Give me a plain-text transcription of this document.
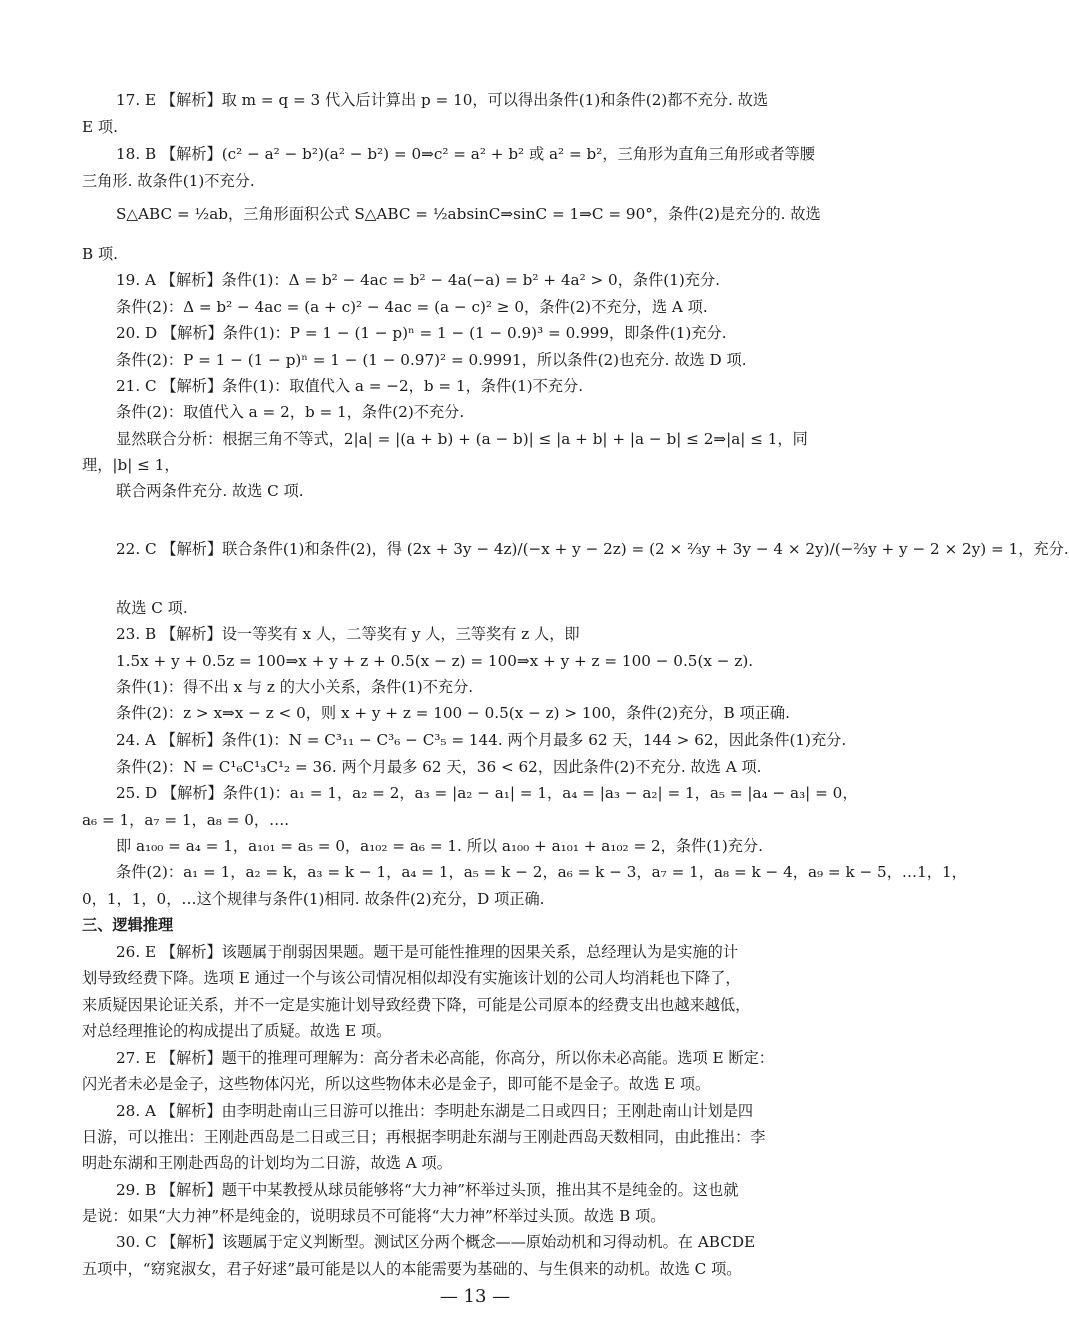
17. E 【解析】取 m = q = 3 代入后计算出 p = 10，可以得出条件(1)和条件(2)都不充分. 故选
E 项.
18. B 【解析】(c² − a² − b²)(a² − b²) = 0⇒c² = a² + b² 或 a² = b²，三角形为直角三角形或者等腰
三角形. 故条件(1)不充分.
S△ABC = ½ab，三角形面积公式 S△ABC = ½absinC⇒sinC = 1⇒C = 90°，条件(2)是充分的. 故选
B 项.
19. A 【解析】条件(1)：Δ = b² − 4ac = b² − 4a(−a) = b² + 4a² > 0，条件(1)充分.
条件(2)：Δ = b² − 4ac = (a + c)² − 4ac = (a − c)² ≥ 0，条件(2)不充分，选 A 项.
20. D 【解析】条件(1)：P = 1 − (1 − p)ⁿ = 1 − (1 − 0.9)³ = 0.999，即条件(1)充分.
条件(2)：P = 1 − (1 − p)ⁿ = 1 − (1 − 0.97)² = 0.9991，所以条件(2)也充分. 故选 D 项.
21. C 【解析】条件(1)：取值代入 a = −2，b = 1，条件(1)不充分.
条件(2)：取值代入 a = 2，b = 1，条件(2)不充分.
显然联合分析：根据三角不等式，2|a| = |(a + b) + (a − b)| ≤ |a + b| + |a − b| ≤ 2⇒|a| ≤ 1，同
理，|b| ≤ 1，
联合两条件充分. 故选 C 项.
22. C 【解析】联合条件(1)和条件(2)，得 (2x + 3y − 4z)/(−x + y − 2z) = (2 × ⅔y + 3y − 4 × 2y)/(−⅔y + y − 2 × 2y) = 1，充分.
故选 C 项.
23. B 【解析】设一等奖有 x 人，二等奖有 y 人，三等奖有 z 人，即
1.5x + y + 0.5z = 100⇒x + y + z + 0.5(x − z) = 100⇒x + y + z = 100 − 0.5(x − z).
条件(1)：得不出 x 与 z 的大小关系，条件(1)不充分.
条件(2)：z > x⇒x − z < 0，则 x + y + z = 100 − 0.5(x − z) > 100，条件(2)充分，B 项正确.
24. A 【解析】条件(1)：N = C³₁₁ − C³₆ − C³₅ = 144. 两个月最多 62 天，144 > 62，因此条件(1)充分.
条件(2)：N = C¹₆C¹₃C¹₂ = 36. 两个月最多 62 天，36 < 62，因此条件(2)不充分. 故选 A 项.
25. D 【解析】条件(1)：a₁ = 1，a₂ = 2，a₃ = |a₂ − a₁| = 1，a₄ = |a₃ − a₂| = 1，a₅ = |a₄ − a₃| = 0，
a₆ = 1，a₇ = 1，a₈ = 0，….
即 a₁₀₀ = a₄ = 1，a₁₀₁ = a₅ = 0，a₁₀₂ = a₆ = 1. 所以 a₁₀₀ + a₁₀₁ + a₁₀₂ = 2，条件(1)充分.
条件(2)：a₁ = 1，a₂ = k，a₃ = k − 1，a₄ = 1，a₅ = k − 2，a₆ = k − 3，a₇ = 1，a₈ = k − 4，a₉ = k − 5，…1，1，
0，1，1，0，…这个规律与条件(1)相同. 故条件(2)充分，D 项正确.
三、逻辑推理
26. E 【解析】该题属于削弱因果题。题干是可能性推理的因果关系，总经理认为是实施的计
划导致经费下降。选项 E 通过一个与该公司情况相似却没有实施该计划的公司人均消耗也下降了，
来质疑因果论证关系，并不一定是实施计划导致经费下降，可能是公司原本的经费支出也越来越低，
对总经理推论的构成提出了质疑。故选 E 项。
27. E 【解析】题干的推理可理解为：高分者未必高能，你高分，所以你未必高能。选项 E 断定：
闪光者未必是金子，这些物体闪光，所以这些物体未必是金子，即可能不是金子。故选 E 项。
28. A 【解析】由李明赴南山三日游可以推出：李明赴东湖是二日或四日；王刚赴南山计划是四
日游，可以推出：王刚赴西岛是二日或三日；再根据李明赴东湖与王刚赴西岛天数相同，由此推出：李
明赴东湖和王刚赴西岛的计划均为二日游，故选 A 项。
29. B 【解析】题干中某教授从球员能够将“大力神”杯举过头顶，推出其不是纯金的。这也就
是说：如果“大力神”杯是纯金的，说明球员不可能将“大力神”杯举过头顶。故选 B 项。
30. C 【解析】该题属于定义判断型。测试区分两个概念——原始动机和习得动机。在 ABCDE
五项中，“窈窕淑女，君子好逑”最可能是以人的本能需要为基础的、与生俱来的动机。故选 C 项。
— 13 —
